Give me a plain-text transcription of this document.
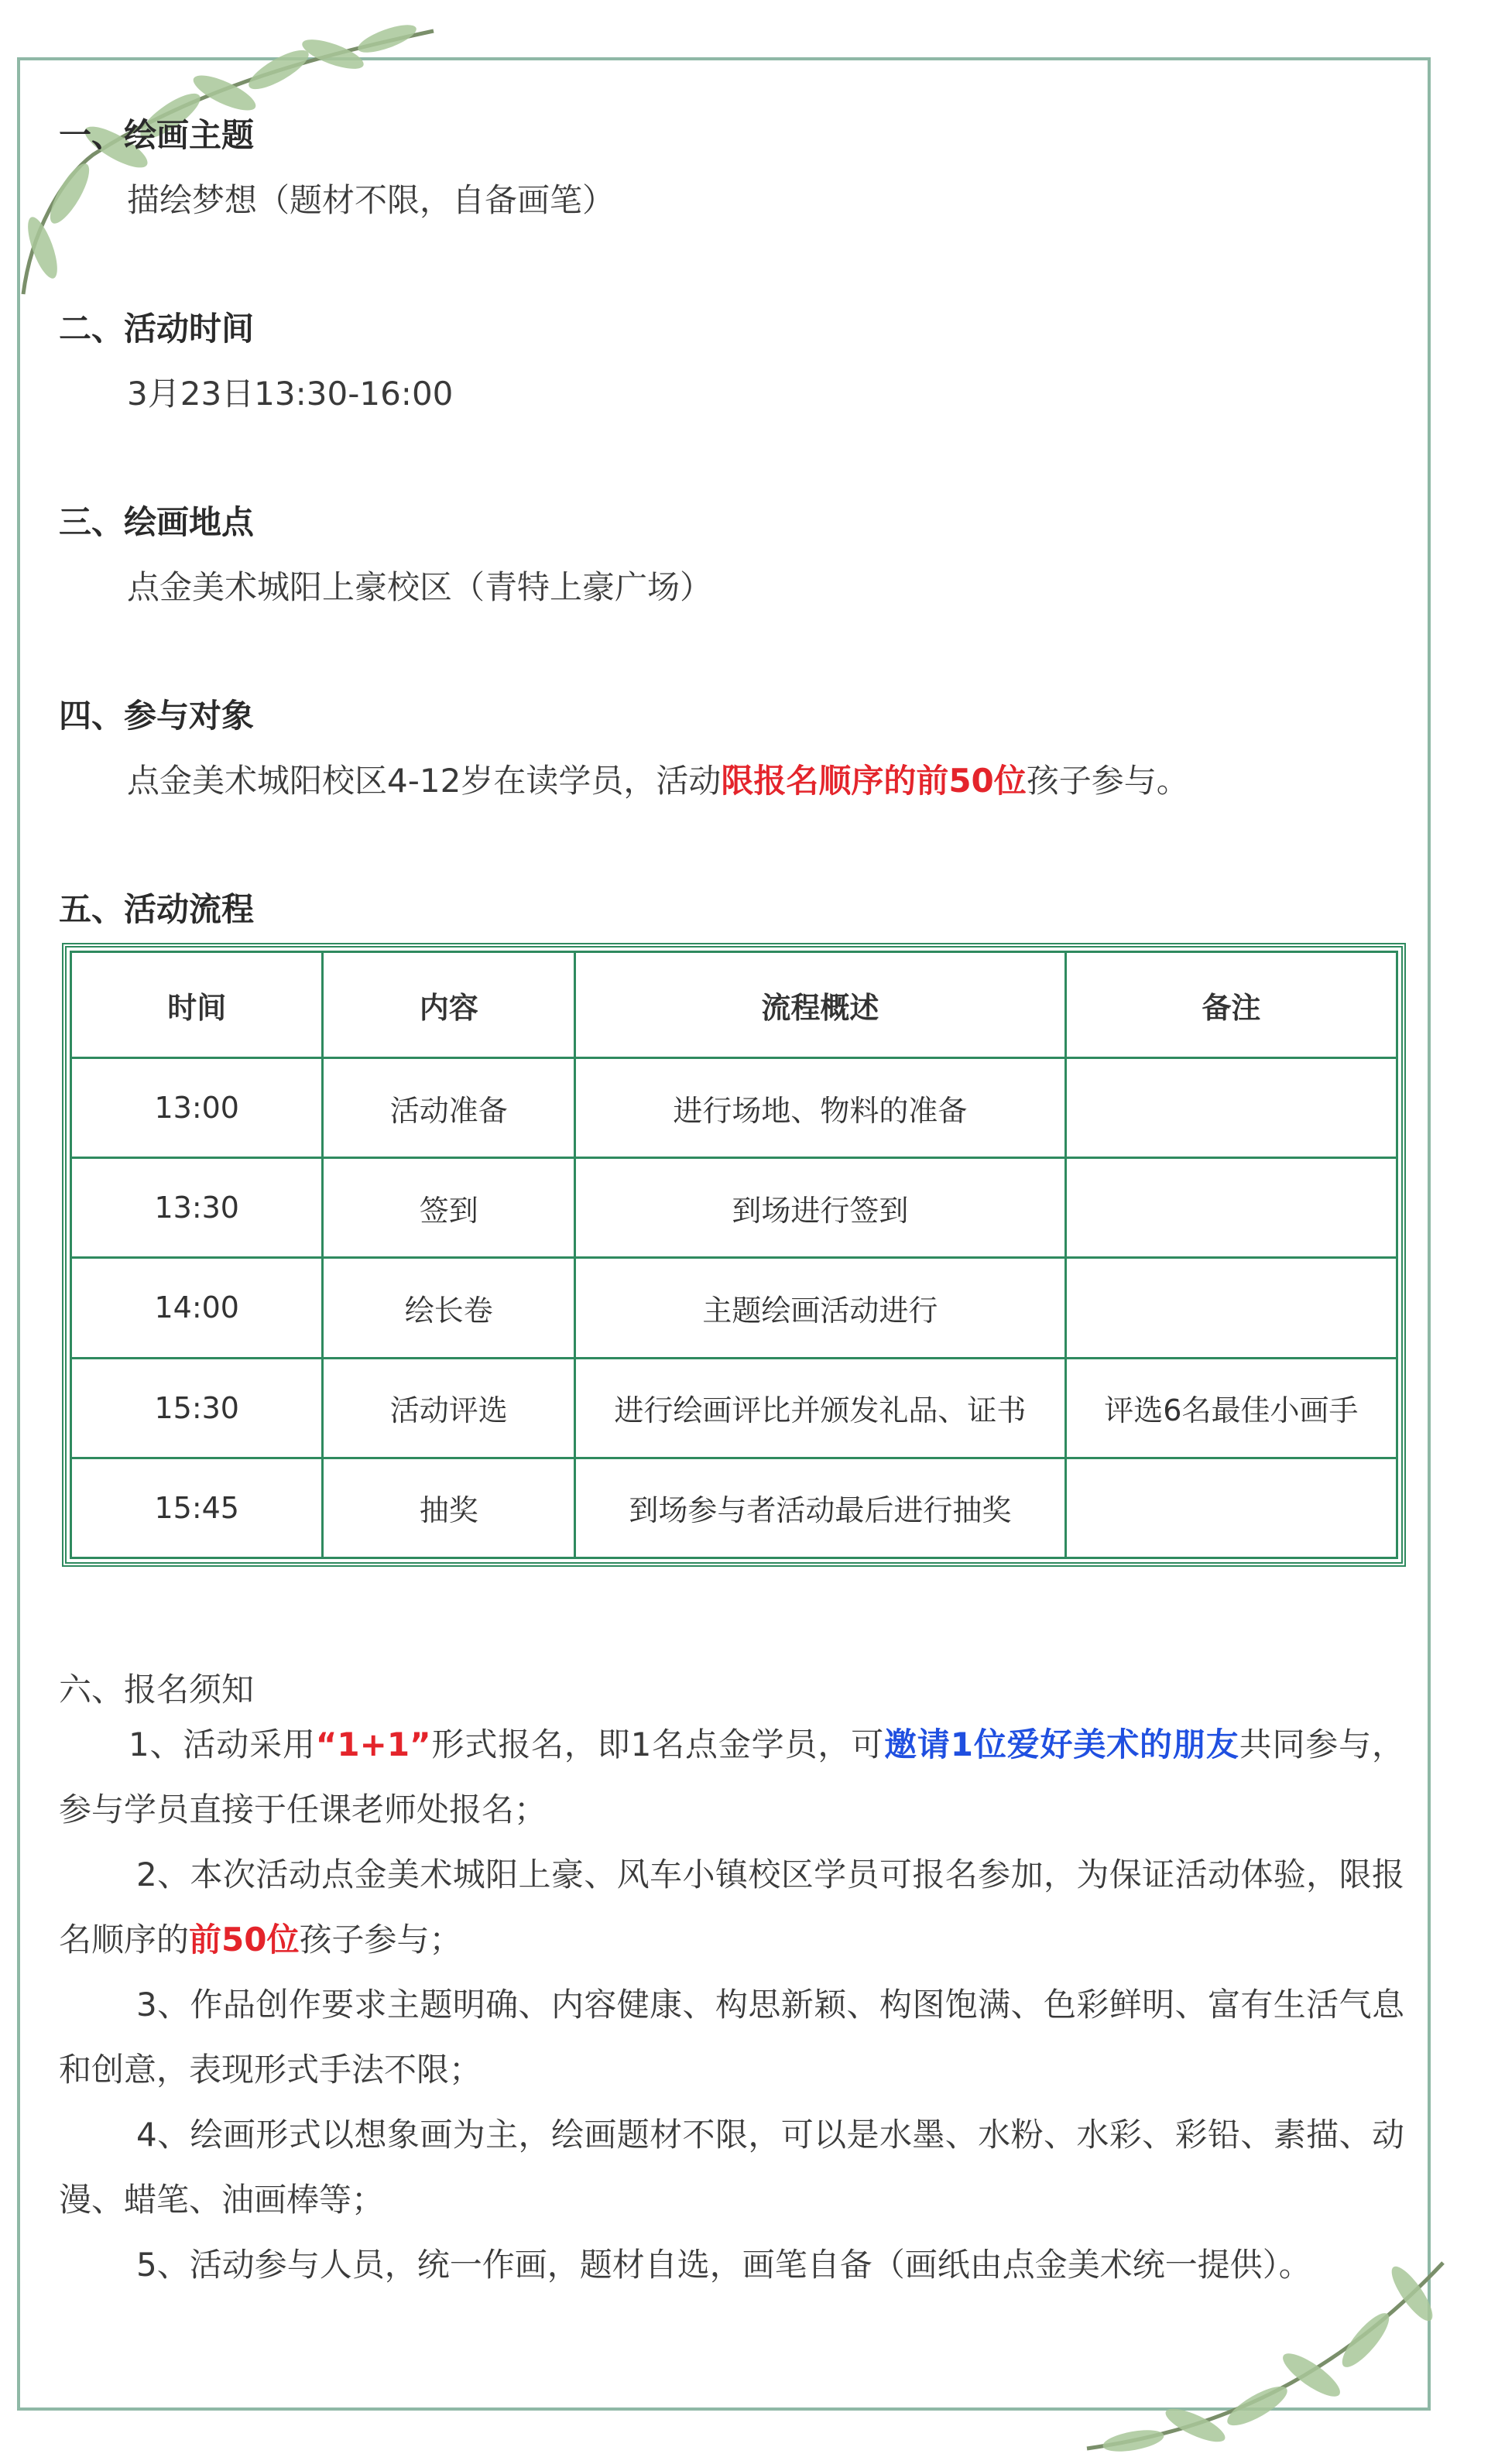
一、绘画主题
描绘梦想（题材不限，自备画笔）
二、活动时间
3月23日13:30-16:00
三、绘画地点
点金美术城阳上豪校区（青特上豪广场）
四、参与对象
点金美术城阳校区4-12岁在读学员，活动限报名顺序的前50位孩子参与。
五、活动流程
时间	内容	流程概述	备注
13:00	活动准备	进行场地、物料的准备	
13:30	签到	到场进行签到	
14:00	绘长卷	主题绘画活动进行	
15:30	活动评选	进行绘画评比并颁发礼品、证书	评选6名最佳小画手
15:45	抽奖	到场参与者活动最后进行抽奖	
六、报名须知
1、活动采用“1+1”形式报名，即1名点金学员，可邀请1位爱好美术的朋友共同参与，参与学员直接于任课老师处报名；
2、本次活动点金美术城阳上豪、风车小镇校区学员可报名参加，为保证活动体验，限报名顺序的前50位孩子参与；
3、作品创作要求主题明确、内容健康、构思新颖、构图饱满、色彩鲜明、富有生活气息和创意，表现形式手法不限；
4、绘画形式以想象画为主，绘画题材不限，可以是水墨、水粉、水彩、彩铅、素描、动漫、蜡笔、油画棒等；
5、活动参与人员，统一作画，题材自选，画笔自备（画纸由点金美术统一提供）。
